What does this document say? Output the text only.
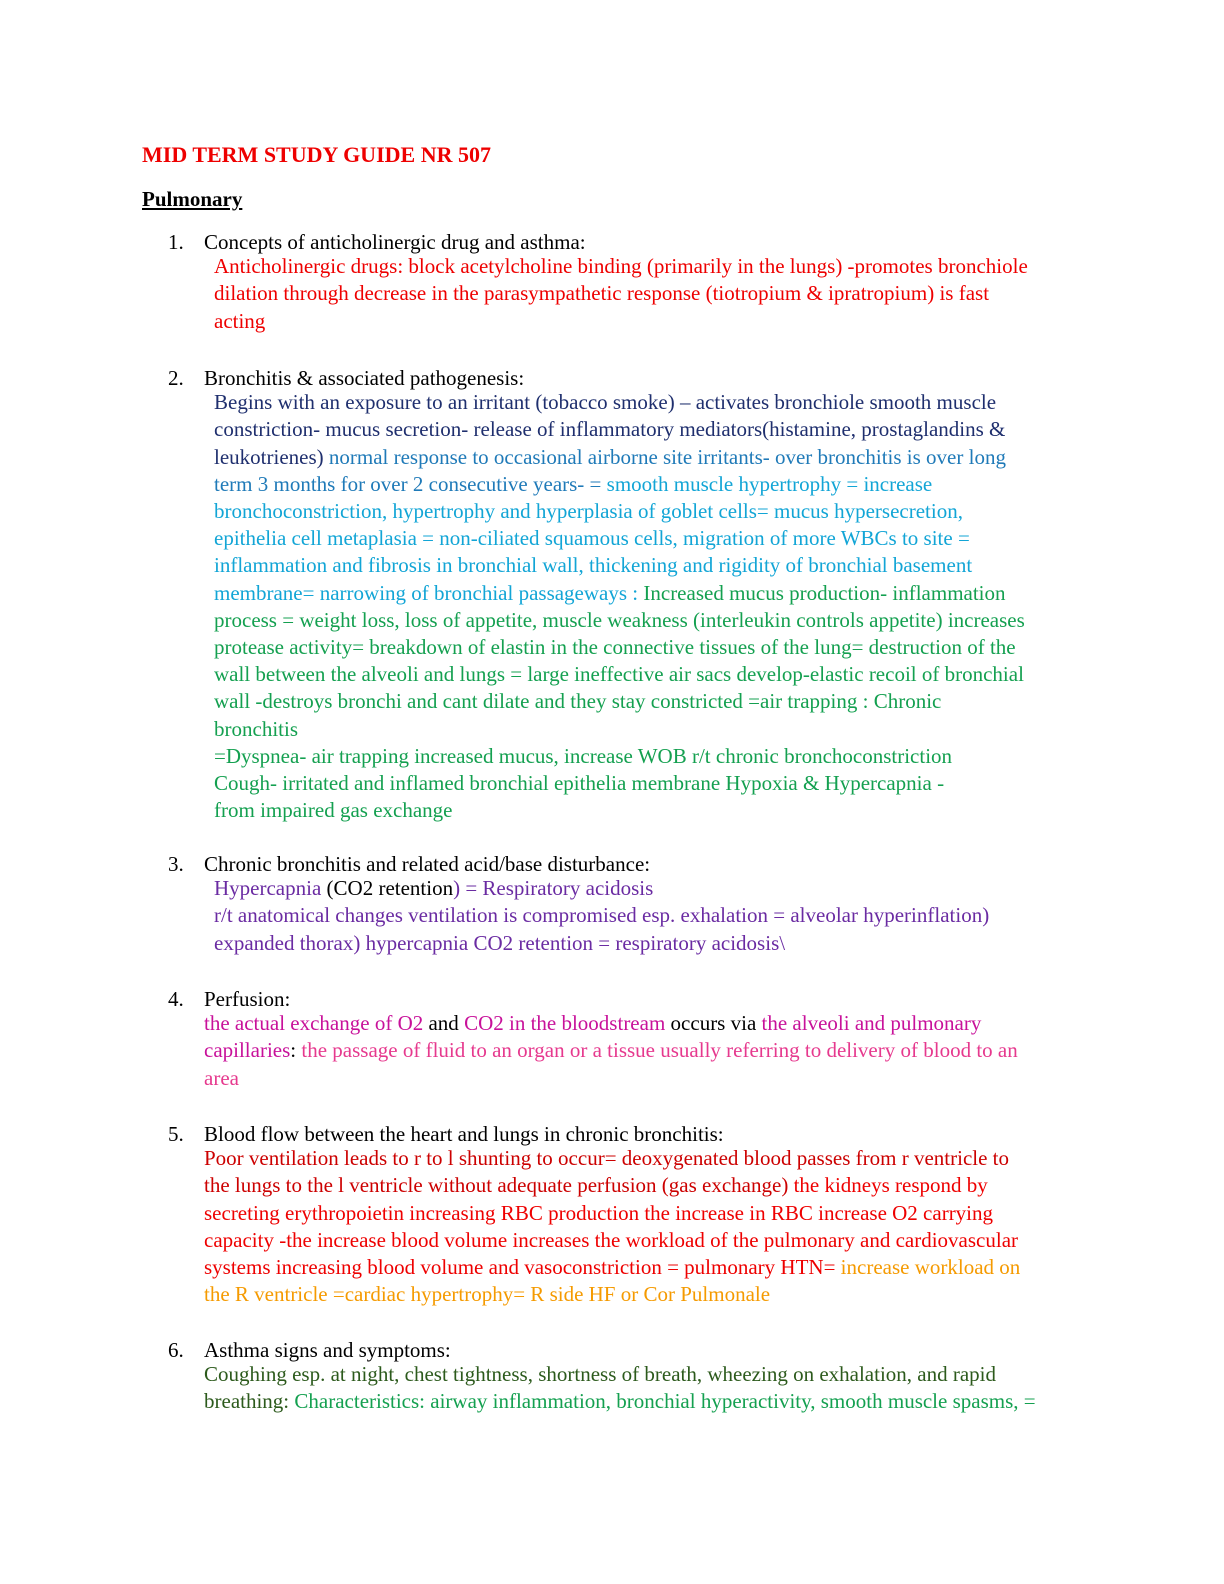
MID TERM STUDY GUIDE NR 507
Pulmonary
1. Concepts of anticholinergic drug and asthma:
Anticholinergic drugs: block acetylcholine binding (primarily in the lungs) -promotes bronchiole
dilation through decrease in the parasympathetic response (tiotropium & ipratropium) is fast
acting
2. Bronchitis & associated pathogenesis:
Begins with an exposure to an irritant (tobacco smoke) – activates bronchiole smooth muscle
constriction- mucus secretion- release of inflammatory mediators(histamine, prostaglandins &
leukotrienes) normal response to occasional airborne site irritants- over bronchitis is over long
term 3 months for over 2 consecutive years- = smooth muscle hypertrophy = increase
bronchoconstriction, hypertrophy and hyperplasia of goblet cells= mucus hypersecretion,
epithelia cell metaplasia = non-ciliated squamous cells, migration of more WBCs to site =
inflammation and fibrosis in bronchial wall, thickening and rigidity of bronchial basement
membrane= narrowing of bronchial passageways : Increased mucus production- inflammation
process = weight loss, loss of appetite, muscle weakness (interleukin controls appetite) increases
protease activity= breakdown of elastin in the connective tissues of the lung= destruction of the
wall between the alveoli and lungs = large ineffective air sacs develop-elastic recoil of bronchial
wall -destroys bronchi and cant dilate and they stay constricted =air trapping : Chronic
bronchitis
=Dyspnea- air trapping increased mucus, increase WOB r/t chronic bronchoconstriction
Cough- irritated and inflamed bronchial epithelia membrane Hypoxia & Hypercapnia -
from impaired gas exchange
3. Chronic bronchitis and related acid/base disturbance:
Hypercapnia (CO2 retention) = Respiratory acidosis
r/t anatomical changes ventilation is compromised esp. exhalation = alveolar hyperinflation)
expanded thorax) hypercapnia CO2 retention = respiratory acidosis\
4. Perfusion:
the actual exchange of O2 and CO2 in the bloodstream occurs via the alveoli and pulmonary
capillaries: the passage of fluid to an organ or a tissue usually referring to delivery of blood to an
area
5. Blood flow between the heart and lungs in chronic bronchitis:
Poor ventilation leads to r to l shunting to occur= deoxygenated blood passes from r ventricle to
the lungs to the l ventricle without adequate perfusion (gas exchange) the kidneys respond by
secreting erythropoietin increasing RBC production the increase in RBC increase O2 carrying
capacity -the increase blood volume increases the workload of the pulmonary and cardiovascular
systems increasing blood volume and vasoconstriction = pulmonary HTN= increase workload on
the R ventricle =cardiac hypertrophy= R side HF or Cor Pulmonale
6. Asthma signs and symptoms:
Coughing esp. at night, chest tightness, shortness of breath, wheezing on exhalation, and rapid
breathing: Characteristics: airway inflammation, bronchial hyperactivity, smooth muscle spasms, =
